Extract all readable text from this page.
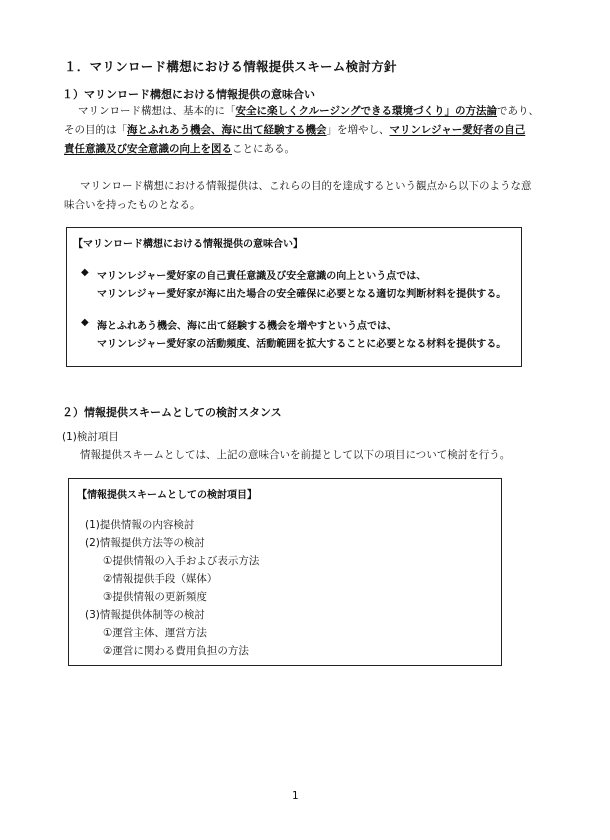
１．マリンロード構想における情報提供スキーム検討方針
１）マリンロード構想における情報提供の意味合い
マリンロード構想は、基本的に「安全に楽しくクルージングできる環境づくり」の方法論であり、
その目的は「海とふれあう機会、海に出て経験する機会」を増やし、マリンレジャー愛好者の自己
責任意識及び安全意識の向上を図ることにある。
マリンロード構想における情報提供は、これらの目的を達成するという観点から以下のような意
味合いを持ったものとなる。
【マリンロード構想における情報提供の意味合い】
◆ マリンレジャー愛好家の自己責任意識及び安全意識の向上という点では、
マリンレジャー愛好家が海に出た場合の安全確保に必要となる適切な判断材料を提供する。
◆ 海とふれあう機会、海に出て経験する機会を増やすという点では、
マリンレジャー愛好家の活動頻度、活動範囲を拡大することに必要となる材料を提供する。
２）情報提供スキームとしての検討スタンス
(1)検討項目
情報提供スキームとしては、上記の意味合いを前提として以下の項目について検討を行う。
【情報提供スキームとしての検討項目】
(1)提供情報の内容検討
(2)情報提供方法等の検討
①提供情報の入手および表示方法
②情報提供手段（媒体）
③提供情報の更新頻度
(3)情報提供体制等の検討
①運営主体、運営方法
②運営に関わる費用負担の方法
1
